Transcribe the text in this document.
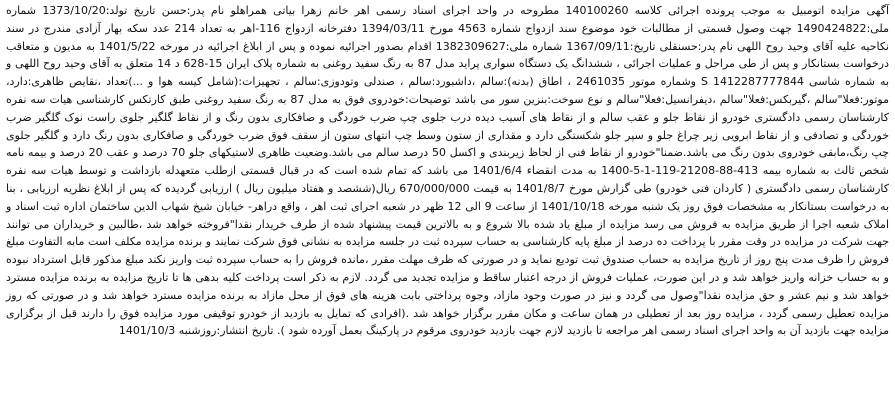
آگهی مزایده اتومبیل به موجب پرونده اجرائی کلاسه 140100260 مطروحه در واحد اجرای اسناد رسمی اهر خانم زهرا بیاتی همراهلو نام پدر:حسن تاریخ تولد:1373/10/20 شماره ملی:1490424822 جهت وصول قسمتی از مطالبات خود موضوع سند ازدواج شماره 4563 مورخ 1394/03/11 دفترخانه ازدواج 116-اهر به تعداد 214 عدد سکه بهار آزادی مندرج در سند نکاحیه علیه آقای وحید روح اللهی نام پدر:حسنقلی تاریخ:1367/09/11 شماره ملی:1382309627 اقدام بصدور اجرائیه نموده و پس از ابلاغ اجرائیه در مورخه 1401/5/22 به مدیون و متعاقب درخواست بستانکار و پس از طی مراحل و عملیات اجرائی ، ششدانگ یک دستگاه سواری پراید مدل 87 به رنگ سفید روغنی به شماره پلاک ایران 15-628 د 14 متعلق به آقای وحید روح اللهی و به شماره شاسی S 1412287777844 وشماره موتور 2461035 ، اطاق (بدنه):سالم ،داشبورد:سالم ، صندلی وتودوزی:سالم ، تجهیزات:(شامل کیسه هوا و ...)تعداد ،نقایص ظاهری:دارد، موتور:فعلا"سالم ،گیربکس:فعلا"سالم ،دیفرانسیل:فعلا"سالم و نوع سوخت:بنزین سور می باشد توضیحات:خودروی فوق به مدل 87 به رنگ سفید روغنی طبق کارتکس کارشناسی هیات سه نفره کارشناسان رسمی دادگستری خودرو از نقاط جلو و عقب سالم و از نقاط های آسیب دیده درب جلوی چپ ضرب خوردگی و صافکاری بدون رنگ و از نقاط گلگیر جلوی راست نوک گلگیر ضرب خوردگی و تصادفی و از نقاط ابرویی زیر چراغ جلو و سپر جلو شکستگی دارد و مقداری از ستون وسط چپ انتهای ستون از سقف فوق ضرب خوردگی و صافکاری بدون رنگ دارد و گلگیر جلوی چپ رنگ،مابقی خودروی بدون رنگ می باشد.ضمنا"خودرو از نقاط فنی از لحاظ زیربندی و اکسل 50 درصد سالم می باشد.وضعیت ظاهری لاستیکهای جلو 70 درصد و عقب 20 درصد و بیمه نامه شخص ثالث به شماره بیمه 413-88-21208-119-1-5-1400 به مدت انقضاء 1401/6/4 می باشد که تمام شده است که در قبال قسمتی ازطلب متعهدله بازداشت و توسط هیات سه نفره کارشناسان رسمی دادگستری ( کاردان فنی خودرو) طی گزارش مورخ 1401/8/7 به قیمت 670/000/000 ریال(ششصد و هفتاد میلیون ریال ) ارزیابی گردیده که پس از ابلاغ نظریه ارزیابی ، بنا به درخواست بستانکار به مشخصات فوق روز یک شنبه مورخه 1401/10/18 از ساعت 9 الی 12 ظهر در شعبه اجرای ثبت اهر ، واقع دراهر- خیابان شیخ شهاب الدین ساختمان اداره ثبت اسناد و املاک شعبه اجرا از طریق مزایده به فروش می رسد مزایده از مبلغ یاد شده بالا شروع و به بالاترین قیمت پیشنهاد شده از طرف خریدار نقدا"فروخته خواهد شد ،طالبین و خریداران می توانند جهت شرکت در مزایده در وقت مقرر با پرداخت ده درصد از مبلغ پایه کارشناسی به حساب سپرده ثبت در جلسه مزایده به نشانی فوق شرکت نمایند و برنده مزایده مکلف است مابه التفاوت مبلغ فروش را ظرف مدت پنج روز از تاریخ مزایده به حساب صندوق ثبت تودیع نماید و در صورتی که ظرف مهلت مقرر ،مانده فروش را به حساب سپرده ثبت واریز نکند مبلغ مذکور قابل استرداد نبوده و به حساب خزانه واریز خواهد شد و در این صورت، عملیات فروش از درجه اعتبار ساقط و مزایده تجدید می گردد. لازم به ذکر است پرداخت کلیه بدهی ها تا تاریخ مزایده به برنده مزایده مسترد خواهد شد و نیم عشر و حق مزایده نقدا"وصول می گردد و نیز در صورت وجود مازاد، وجوه پرداختی بابت هزینه های فوق از محل مازاد به برنده مزایده مسترد خواهد شد و در صورتی که روز مزایده تعطیل رسمی گردد ، مزایده روز بعد از تعطیلی در همان ساعت و مکان مقرر برگزار خواهد شد .(افرادی که تمایل به بازدید از خودرو توقیفی مورد مزایده فوق را دارند قبل از برگزاری مزایده جهت بازدید آن به واحد اجرای اسناد رسمی اهر مراجعه تا بازدید لازم جهت بازدید خودروی مرقوم در پارکینگ بعمل آورده شود ). تاریخ انتشار:روزشنبه 1401/10/3
